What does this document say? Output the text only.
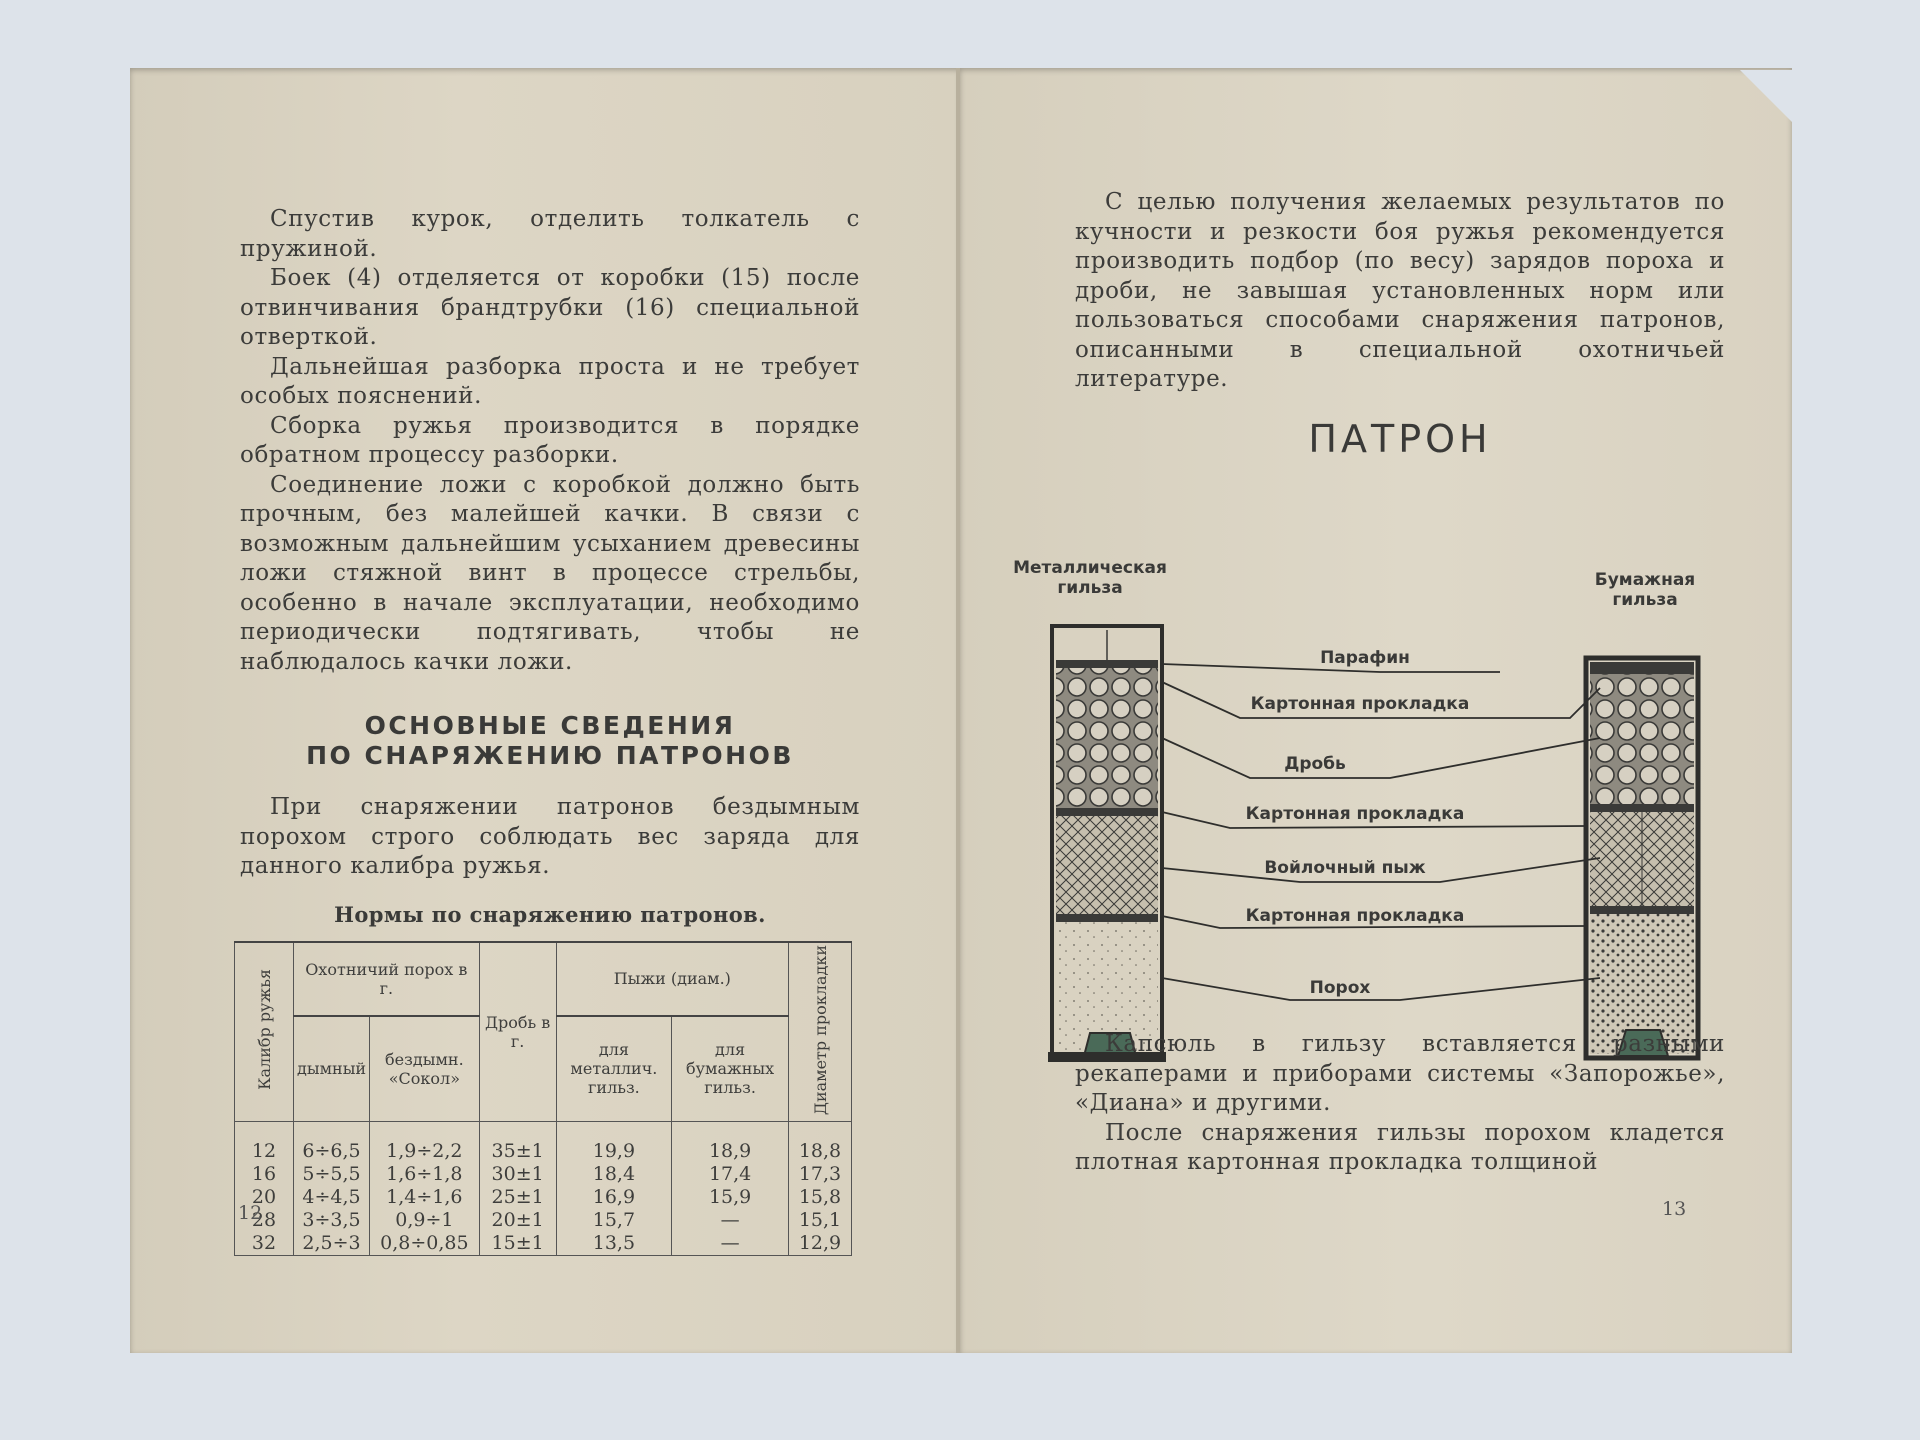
Спустив курок, отделить толкатель с пружиной.

Боек (4) отделяется от коробки (15) после отвинчивания брандтрубки (16) специальной отверткой.

Дальнейшая разборка проста и не требует особых пояснений.

Сборка ружья производится в порядке обратном процессу разборки.

Соединение ложи с коробкой должно быть прочным, без малейшей качки. В связи с возможным дальнейшим усыханием древесины ложи стяжной винт в процессе стрельбы, особенно в начале эксплуатации, необходимо периодически подтягивать, чтобы не наблюдалось качки ложи.

ОСНОВНЫЕ СВЕДЕНИЯ
ПО СНАРЯЖЕНИЮ ПАТРОНОВ

При снаряжении патронов бездымным порохом строго соблюдать вес заряда для данного калибра ружья.

Нормы по снаряжению патронов.
Калибр ружья	Охотничий порох в г.		Дробь в г.	Пыжи (диам.)		Диаметр прокладки
	дымный	бездымн. «Сокол»		для металлич. гильз.	для бумажных гильз.	

12	6÷6,5	1,9÷2,2	35±1	19,9	18,9	18,8
16	5÷5,5	1,6÷1,8	30±1	18,4	17,4	17,3
20	4÷4,5	1,4÷1,6	25±1	16,9	15,9	15,8
28	3÷3,5	0,9÷1	20±1	15,7	—	15,1
32	2,5÷3	0,8÷0,85	15±1	13,5	—	12,9
12

С целью получения желаемых результатов по кучности и резкости боя ружья рекомендуется производить подбор (по весу) зарядов пороха и дроби, не завышая установленных норм или пользоваться способами снаряжения патронов, описанными в специальной охотничьей литературе.

ПАТРОН
Металлическая
гильза	Бумажная
гильза
Парафин
Картонная прокладка
Дробь
Картонная прокладка
Войлочный пыж
Картонная прокладка
Порох

Капсюль в гильзу вставляется разными рекаперами и приборами системы «Запорожье», «Диана» и другими.

После снаряжения гильзы порохом кладется плотная картонная прокладка толщиной

13
